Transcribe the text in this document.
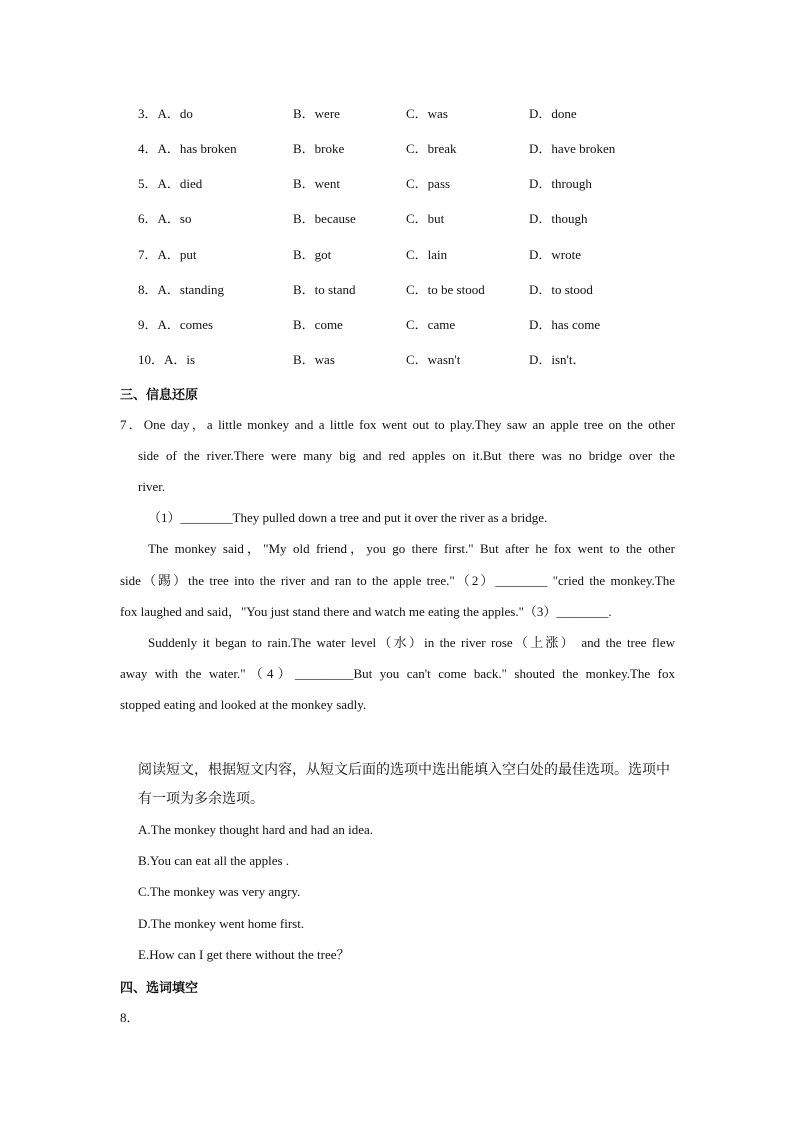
3．A．do	B．were	C．was	D．done
4．A．has broken	B．broke	C．break	D．have broken
5．A．died	B．went	C．pass	D．through
6．A．so	B．because	C．but	D．though
7．A．put	B．got	C．lain	D．wrote
8．A．standing	B．to stand	C．to be stood	D．to stood
9．A．comes	B．come	C．came	D．has come
10．A．is	B．was	C．wasn't	D．isn't．
三、信息还原
7．One day，a little monkey and a little fox went out to play.They saw an apple tree on the other
side of the river.There were many big and red apples on it.But there was no bridge over the
river.
（1）________They pulled down a tree and put it over the river as a bridge.
The monkey said，"My old friend，you go there first." But after he fox went to the other
side（踢）the tree into the river and ran to the apple tree."（2）________ "cried the monkey.The
fox laughed and said，"You just stand there and watch me eating the apples."（3）________.
Suddenly it began to rain.The water level（水）in the river rose（上涨） and the tree flew
away with the water."（4）_________But you can't come back." shouted the monkey.The fox
stopped eating and looked at the monkey sadly.
阅读短文，根据短文内容，从短文后面的选项中选出能填入空白处的最佳选项。选项中
有一项为多余选项。
A.The monkey thought hard and had an idea.
B.You can eat all the apples .
C.The monkey was very angry.
D.The monkey went home first.
E.How can I get there without the tree？
四、选词填空
8．
